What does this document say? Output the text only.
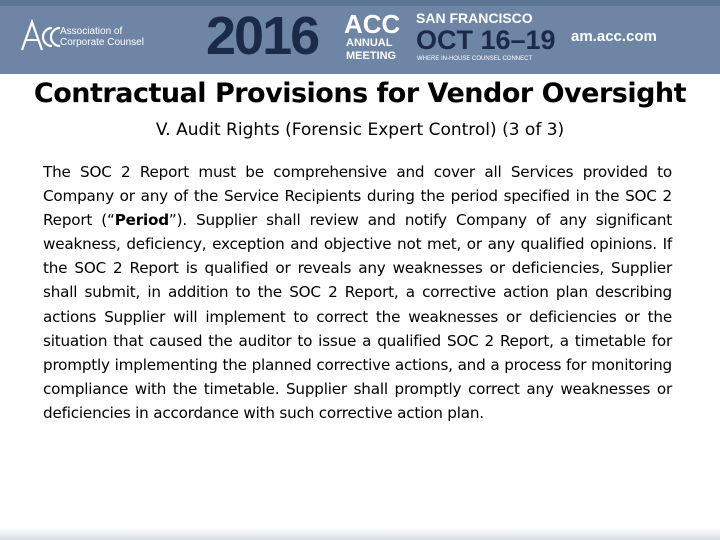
Association of
Corporate Counsel 2016 ACC
ANNUAL
MEETING
SAN FRANCISCO
OCT 16–19
WHERE IN-HOUSE COUNSEL CONNECT
am.acc.com
Contractual Provisions for Vendor Oversight
V. Audit Rights (Forensic Expert Control) (3 of 3)
The SOC 2 Report must be comprehensive and cover all Services provided to Company or any of the Service Recipients during the period specified in the SOC 2 Report (“Period”). Supplier shall review and notify Company of any significant weakness, deficiency, exception and objective not met, or any qualified opinions. If the SOC 2 Report is qualified or reveals any weaknesses or deficiencies, Supplier shall submit, in addition to the SOC 2 Report, a corrective action plan describing actions Supplier will implement to correct the weaknesses or deficiencies or the situation that caused the auditor to issue a qualified SOC 2 Report, a timetable for promptly implementing the planned corrective actions, and a process for monitoring compliance with the timetable. Supplier shall promptly correct any weaknesses or deficiencies in accordance with such corrective action plan.
